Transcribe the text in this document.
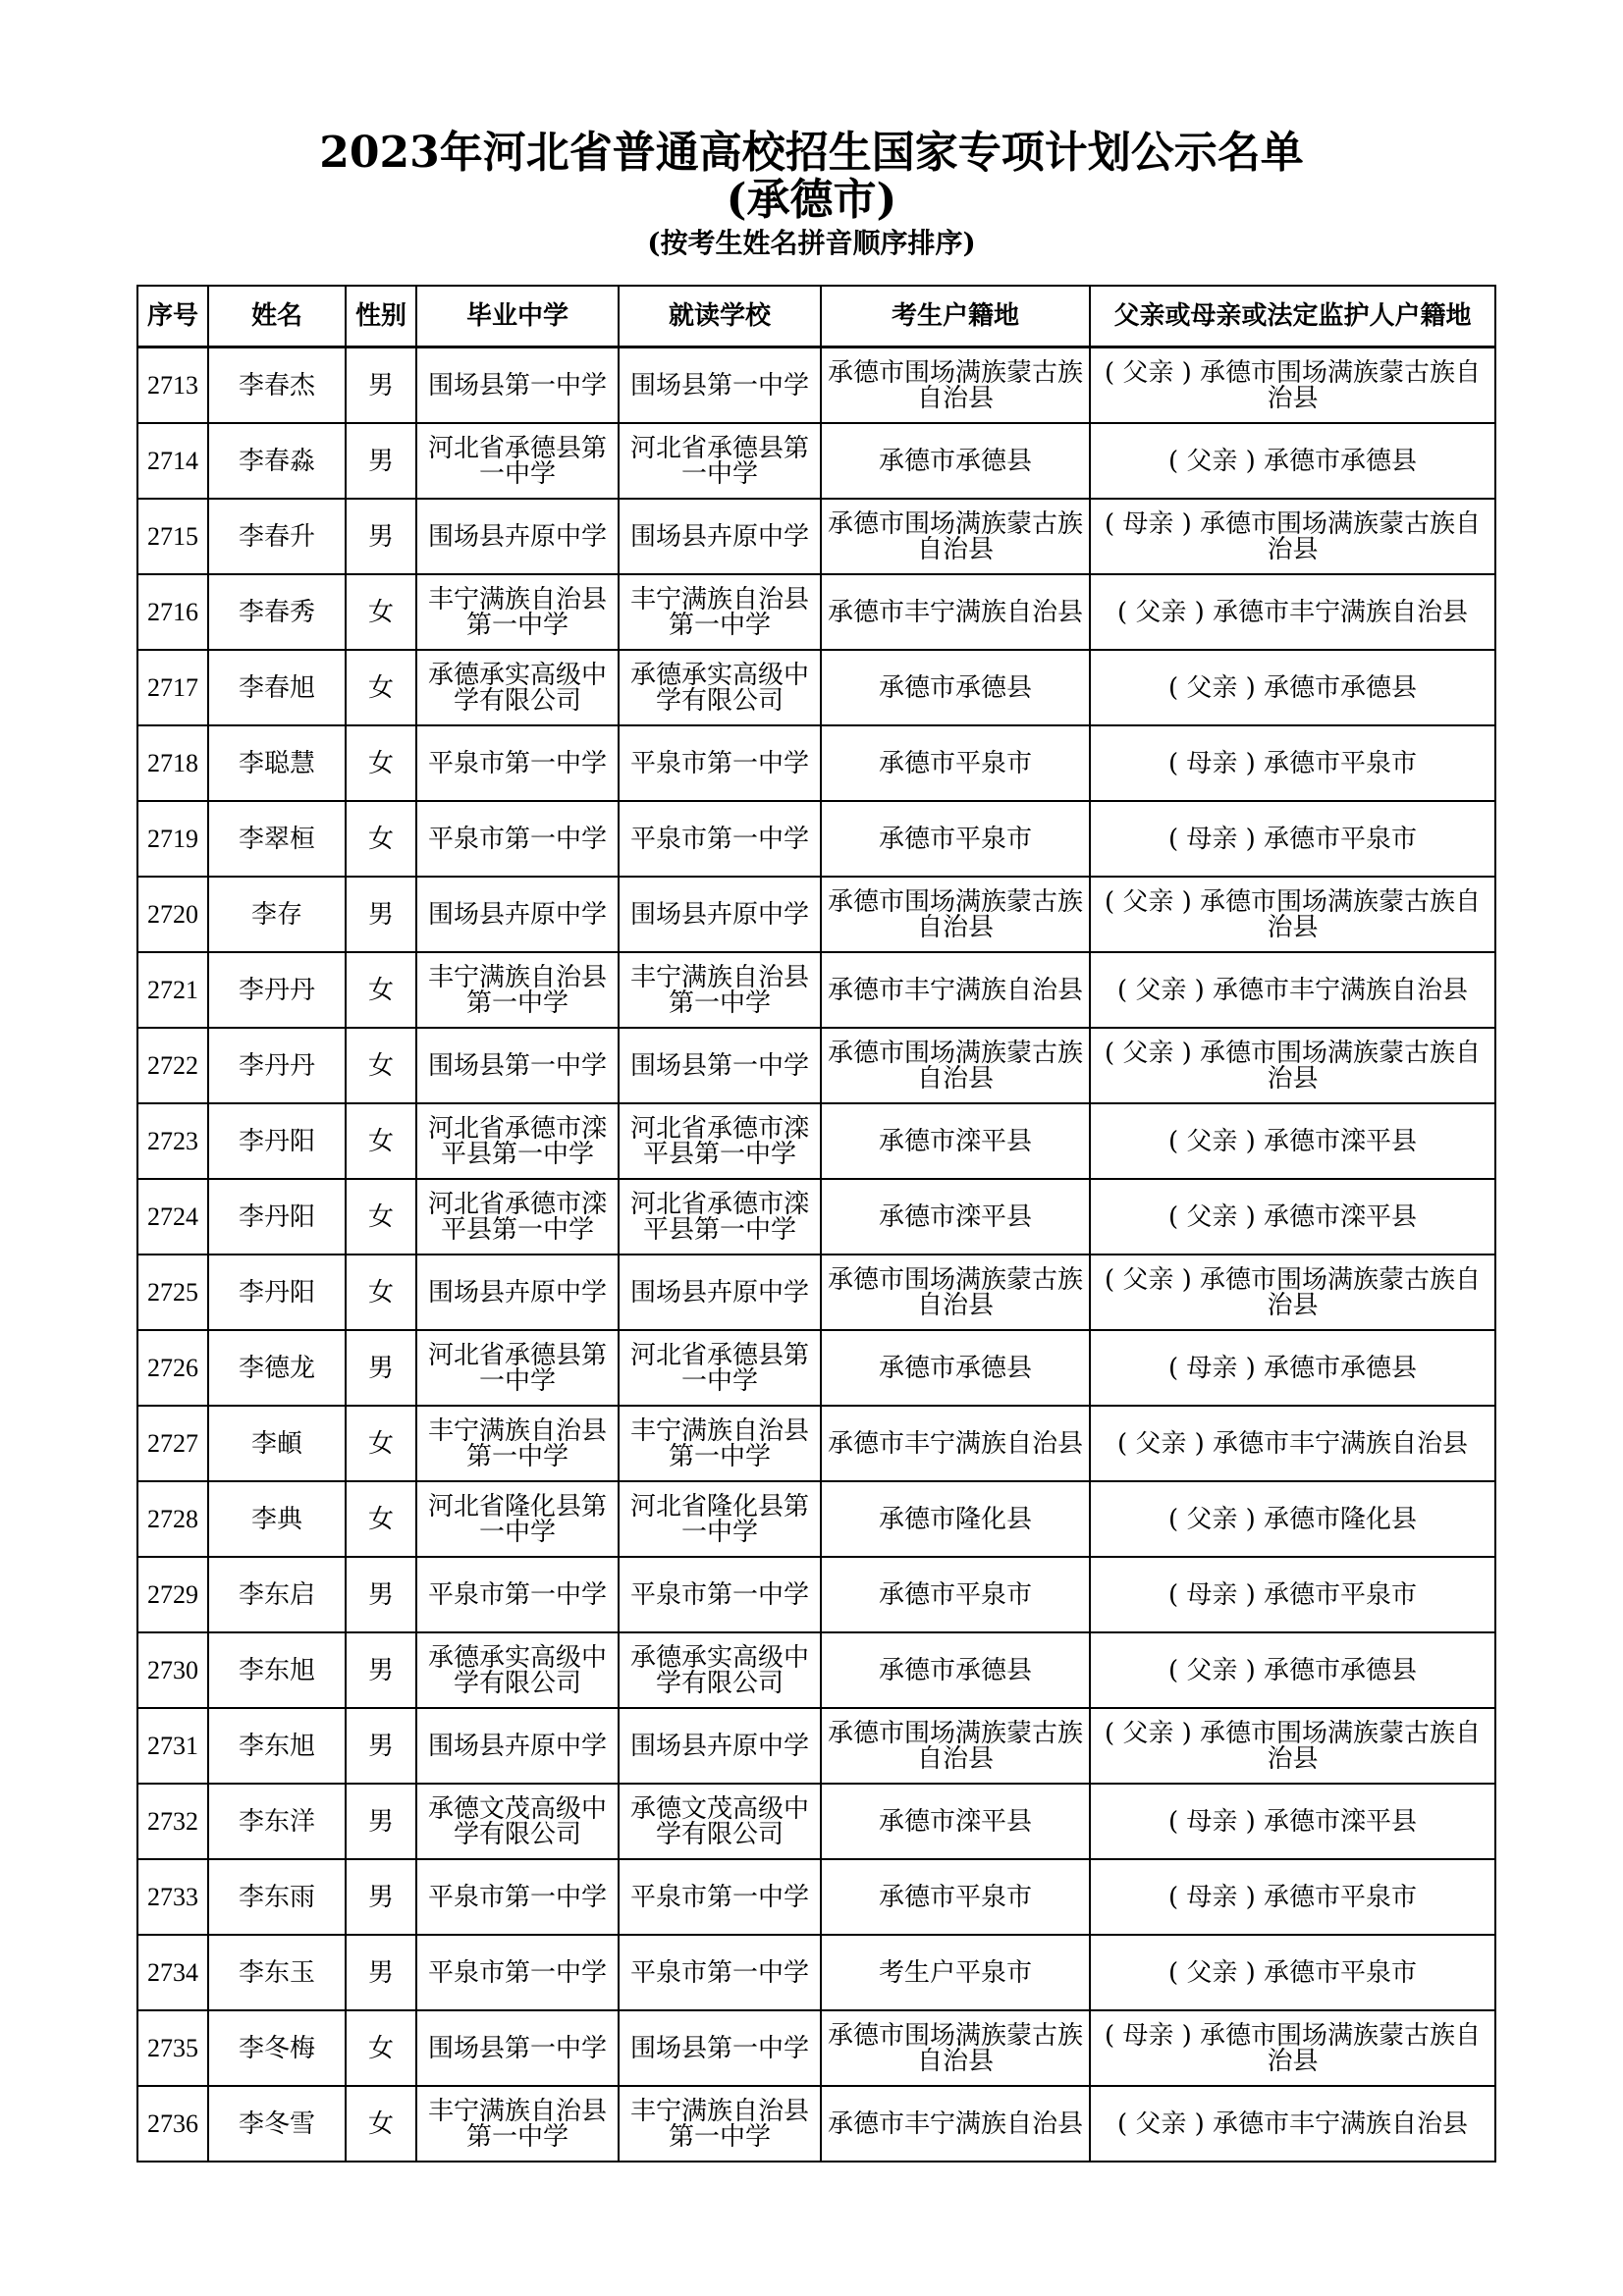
2023年河北省普通高校招生国家专项计划公示名单
(承德市)
(按考生姓名拼音顺序排序)
序号	姓名	性别	毕业中学	就读学校	考生户籍地	父亲或母亲或法定监护人户籍地
2713	李春杰	男	围场县第一中学	围场县第一中学	承德市围场满族蒙古族自治县	( 父亲 ) 承德市围场满族蒙古族自治县
2714	李春淼	男	河北省承德县第一中学	河北省承德县第一中学	承德市承德县	( 父亲 ) 承德市承德县
2715	李春升	男	围场县卉原中学	围场县卉原中学	承德市围场满族蒙古族自治县	( 母亲 ) 承德市围场满族蒙古族自治县
2716	李春秀	女	丰宁满族自治县第一中学	丰宁满族自治县第一中学	承德市丰宁满族自治县	( 父亲 ) 承德市丰宁满族自治县
2717	李春旭	女	承德承实高级中学有限公司	承德承实高级中学有限公司	承德市承德县	( 父亲 ) 承德市承德县
2718	李聪慧	女	平泉市第一中学	平泉市第一中学	承德市平泉市	( 母亲 ) 承德市平泉市
2719	李翠桓	女	平泉市第一中学	平泉市第一中学	承德市平泉市	( 母亲 ) 承德市平泉市
2720	李存	男	围场县卉原中学	围场县卉原中学	承德市围场满族蒙古族自治县	( 父亲 ) 承德市围场满族蒙古族自治县
2721	李丹丹	女	丰宁满族自治县第一中学	丰宁满族自治县第一中学	承德市丰宁满族自治县	( 父亲 ) 承德市丰宁满族自治县
2722	李丹丹	女	围场县第一中学	围场县第一中学	承德市围场满族蒙古族自治县	( 父亲 ) 承德市围场满族蒙古族自治县
2723	李丹阳	女	河北省承德市滦平县第一中学	河北省承德市滦平县第一中学	承德市滦平县	( 父亲 ) 承德市滦平县
2724	李丹阳	女	河北省承德市滦平县第一中学	河北省承德市滦平县第一中学	承德市滦平县	( 父亲 ) 承德市滦平县
2725	李丹阳	女	围场县卉原中学	围场县卉原中学	承德市围场满族蒙古族自治县	( 父亲 ) 承德市围场满族蒙古族自治县
2726	李德龙	男	河北省承德县第一中学	河北省承德县第一中学	承德市承德县	( 母亲 ) 承德市承德县
2727	李頔	女	丰宁满族自治县第一中学	丰宁满族自治县第一中学	承德市丰宁满族自治县	( 父亲 ) 承德市丰宁满族自治县
2728	李典	女	河北省隆化县第一中学	河北省隆化县第一中学	承德市隆化县	( 父亲 ) 承德市隆化县
2729	李东启	男	平泉市第一中学	平泉市第一中学	承德市平泉市	( 母亲 ) 承德市平泉市
2730	李东旭	男	承德承实高级中学有限公司	承德承实高级中学有限公司	承德市承德县	( 父亲 ) 承德市承德县
2731	李东旭	男	围场县卉原中学	围场县卉原中学	承德市围场满族蒙古族自治县	( 父亲 ) 承德市围场满族蒙古族自治县
2732	李东洋	男	承德文茂高级中学有限公司	承德文茂高级中学有限公司	承德市滦平县	( 母亲 ) 承德市滦平县
2733	李东雨	男	平泉市第一中学	平泉市第一中学	承德市平泉市	( 母亲 ) 承德市平泉市
2734	李东玉	男	平泉市第一中学	平泉市第一中学	考生户平泉市	( 父亲 ) 承德市平泉市
2735	李冬梅	女	围场县第一中学	围场县第一中学	承德市围场满族蒙古族自治县	( 母亲 ) 承德市围场满族蒙古族自治县
2736	李冬雪	女	丰宁满族自治县第一中学	丰宁满族自治县第一中学	承德市丰宁满族自治县	( 父亲 ) 承德市丰宁满族自治县
